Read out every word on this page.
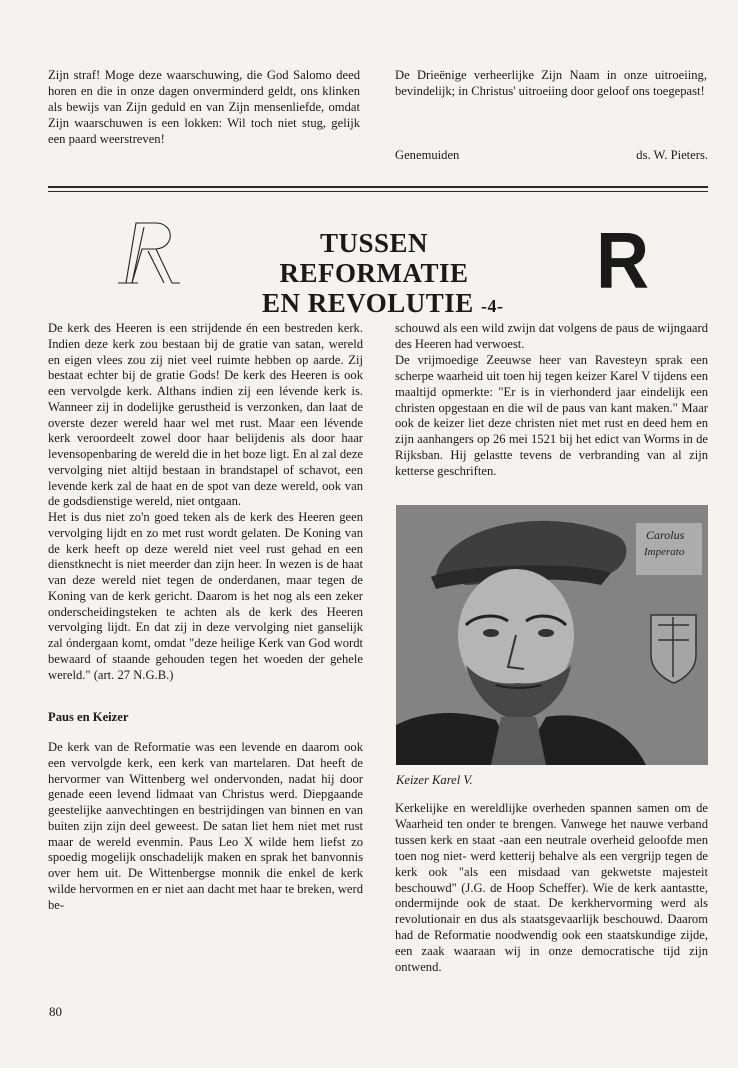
Zijn straf! Moge deze waarschuwing, die God Salomo deed horen en die in onze dagen onverminderd geldt, ons klinken als bewijs van Zijn geduld en van Zijn mensenliefde, omdat Zijn waarschuwen is een lokken: Wil toch niet stug, gelijk een paard weerstreven!

De Drieënige verheerlijke Zijn Naam in onze uitroeiing, bevindelijk; in Christus' uitroeiing door geloof ons toegepast!

Genemuiden	ds. W. Pieters.
TUSSEN REFORMATIE
EN REVOLUTIE -4-
R

De kerk des Heeren is een strijdende én een bestreden kerk. Indien deze kerk zou bestaan bij de gratie van satan, wereld en eigen vlees zou zij niet veel ruimte hebben op aarde. Zij bestaat echter bij de gratie Gods! De kerk des Heeren is ook een vervolgde kerk. Althans indien zij een lévende kerk is. Wanneer zij in dodelijke gerustheid is verzonken, dan laat de overste dezer wereld haar wel met rust. Maar een lévende kerk veroordeelt zowel door haar belijdenis als door haar levensopenbaring de wereld die in het boze ligt. En al zal deze vervolging niet altijd bestaan in brandstapel of schavot, een levende kerk zal de haat en de spot van deze wereld, ook van de godsdienstige wereld, niet ontgaan.

Het is dus niet zo'n goed teken als de kerk des Heeren geen vervolging lijdt en zo met rust wordt gelaten. De Koning van de kerk heeft op deze wereld niet veel rust gehad en een dienstknecht is niet meerder dan zijn heer. In wezen is de haat van deze wereld niet tegen de onderdanen, maar tegen de Koning van de kerk gericht. Daarom is het nog als een zeker onderscheidingsteken te achten als de kerk des Heeren vervolging lijdt. En dat zij in deze vervolging niet ganselijk zal óndergaan komt, omdat "deze heilige Kerk van God wordt bewaard of staande gehouden tegen het woeden der gehele wereld." (art. 27 N.G.B.)

Paus en Keizer

De kerk van de Reformatie was een levende en daarom ook een vervolgde kerk, een kerk van martelaren. Dat heeft de hervormer van Wittenberg wel ondervonden, nadat hij door genade eeen levend lidmaat van Christus werd. Diepgaande geestelijke aanvechtingen en bestrijdingen van binnen en van buiten zijn zijn deel geweest. De satan liet hem niet met rust maar de wereld evenmin. Paus Leo X wilde hem liefst zo spoedig mogelijk onschadelijk maken en sprak het banvonnis over hem uit. De Wittenbergse monnik die enkel de kerk wilde hervormen en er niet aan dacht met haar te breken, werd be-

schouwd als een wild zwijn dat volgens de paus de wijngaard des Heeren had verwoest.

De vrijmoedige Zeeuwse heer van Ravesteyn sprak een scherpe waarheid uit toen hij tegen keizer Karel V tijdens een maaltijd opmerkte: "Er is in vierhonderd jaar eindelijk een christen opgestaan en die wil de paus van kant maken." Maar ook de keizer liet deze christen niet met rust en deed hem en zijn aanhangers op 26 mei 1521 bij het edict van Worms in de Rijksban. Hij gelastte tevens de verbranding van al zijn ketterse geschriften.

Carolus
Imperato
Keizer Karel V.

Kerkelijke en wereldlijke overheden spannen samen om de Waarheid ten onder te brengen. Vanwege het nauwe verband tussen kerk en staat -aan een neutrale overheid geloofde men toen nog niet- werd ketterij behalve als een vergrijp tegen de kerk ook "als een misdaad van gekwetste majesteit beschouwd" (J.G. de Hoop Scheffer). Wie de kerk aantastte, ondermijnde ook de staat. De kerkhervorming werd als revolutionair en dus als staatsgevaarlijk beschouwd. Daarom had de Reformatie noodwendig ook een staatskundige zijde, een zaak waaraan wij in onze democratische tijd zijn ontwend.

80
